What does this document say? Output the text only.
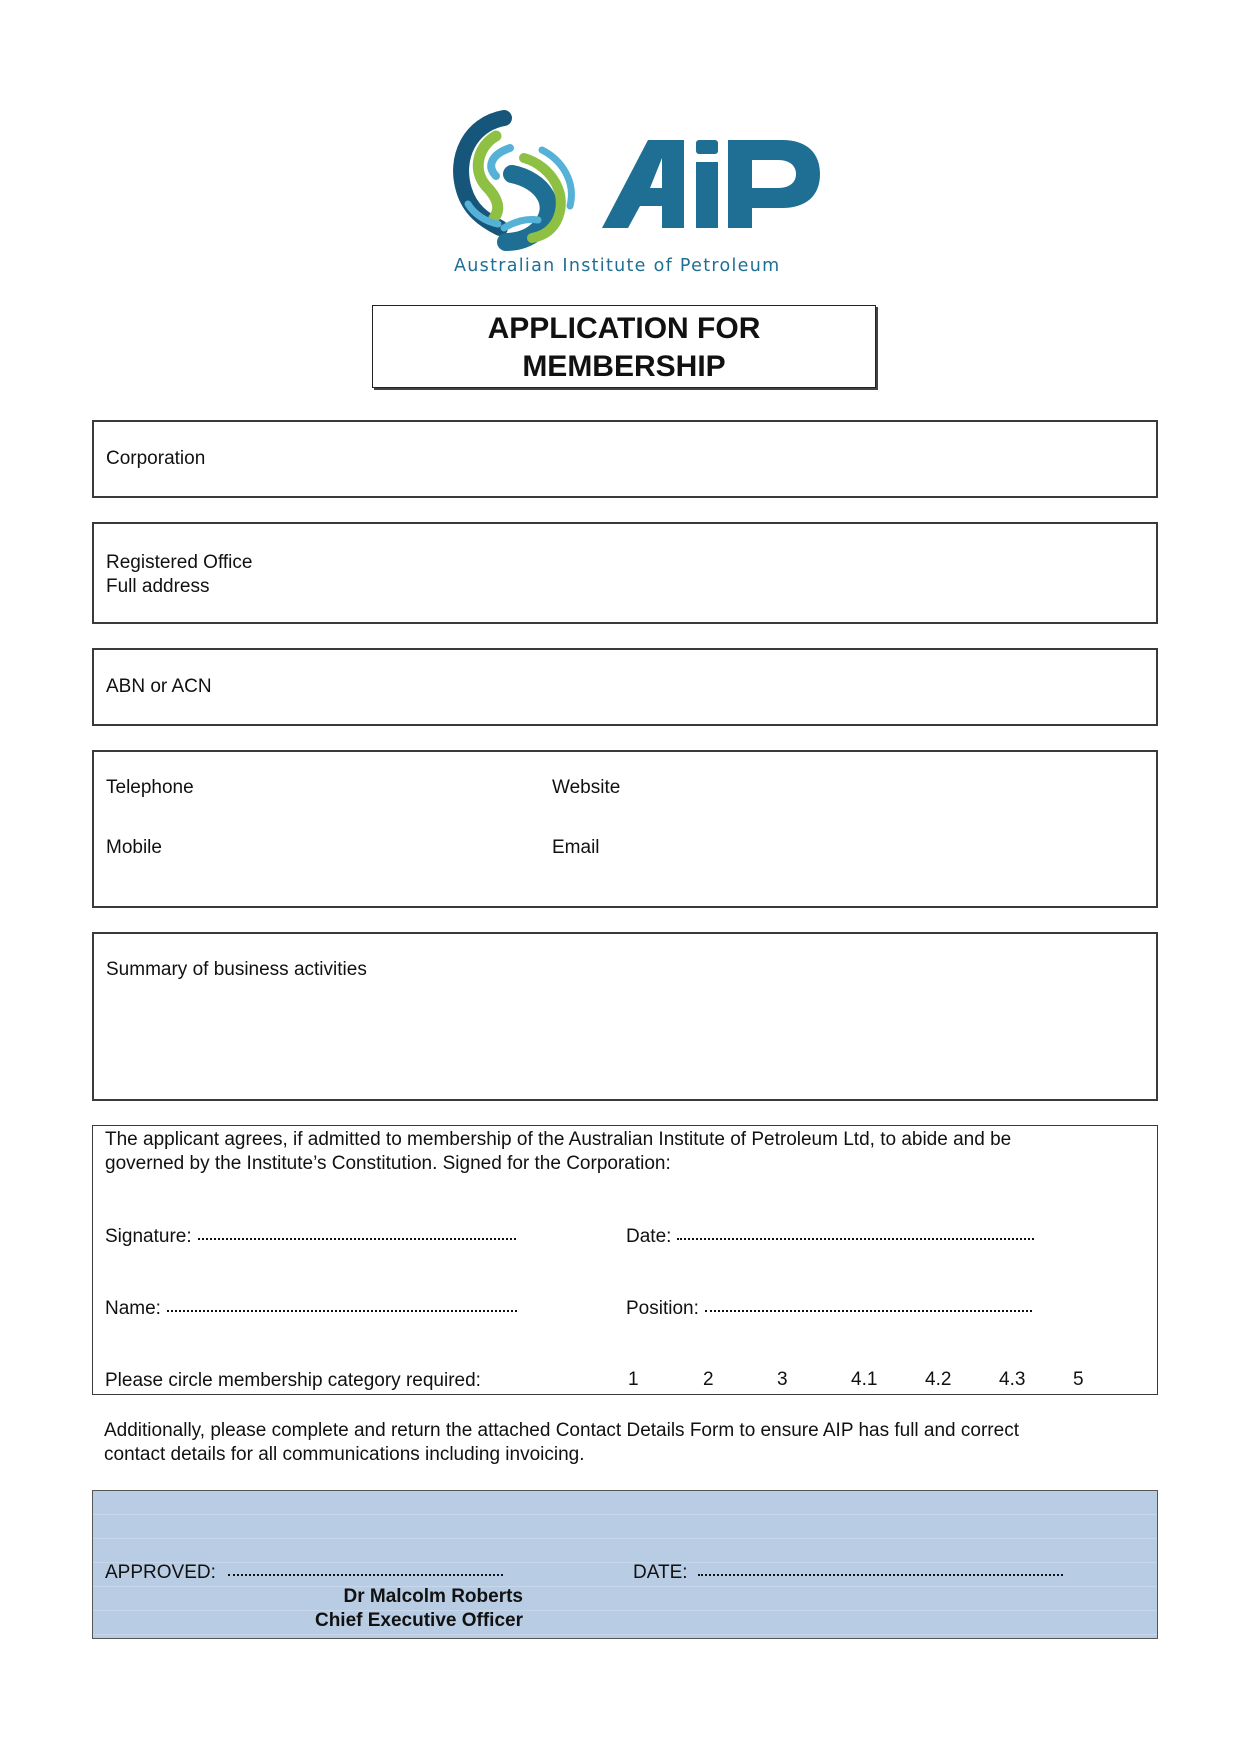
Australian Institute of Petroleum
APPLICATION FOR
MEMBERSHIP
Corporation
Registered Office
Full address
ABN or ACN
Telephone	Website
Mobile	Email
Summary of business activities
The applicant agrees, if admitted to membership of the Australian Institute of Petroleum Ltd, to abide and be
governed by the Institute’s Constitution. Signed for the Corporation:
Signature:	Date:
Name:	Position:
Please circle membership category required:	1	2	3	4.1	4.2	4.3	5
Additionally, please complete and return the attached Contact Details Form to ensure AIP has full and correct
contact details for all communications including invoicing.
APPROVED:	DATE:
Dr Malcolm Roberts
Chief Executive Officer
